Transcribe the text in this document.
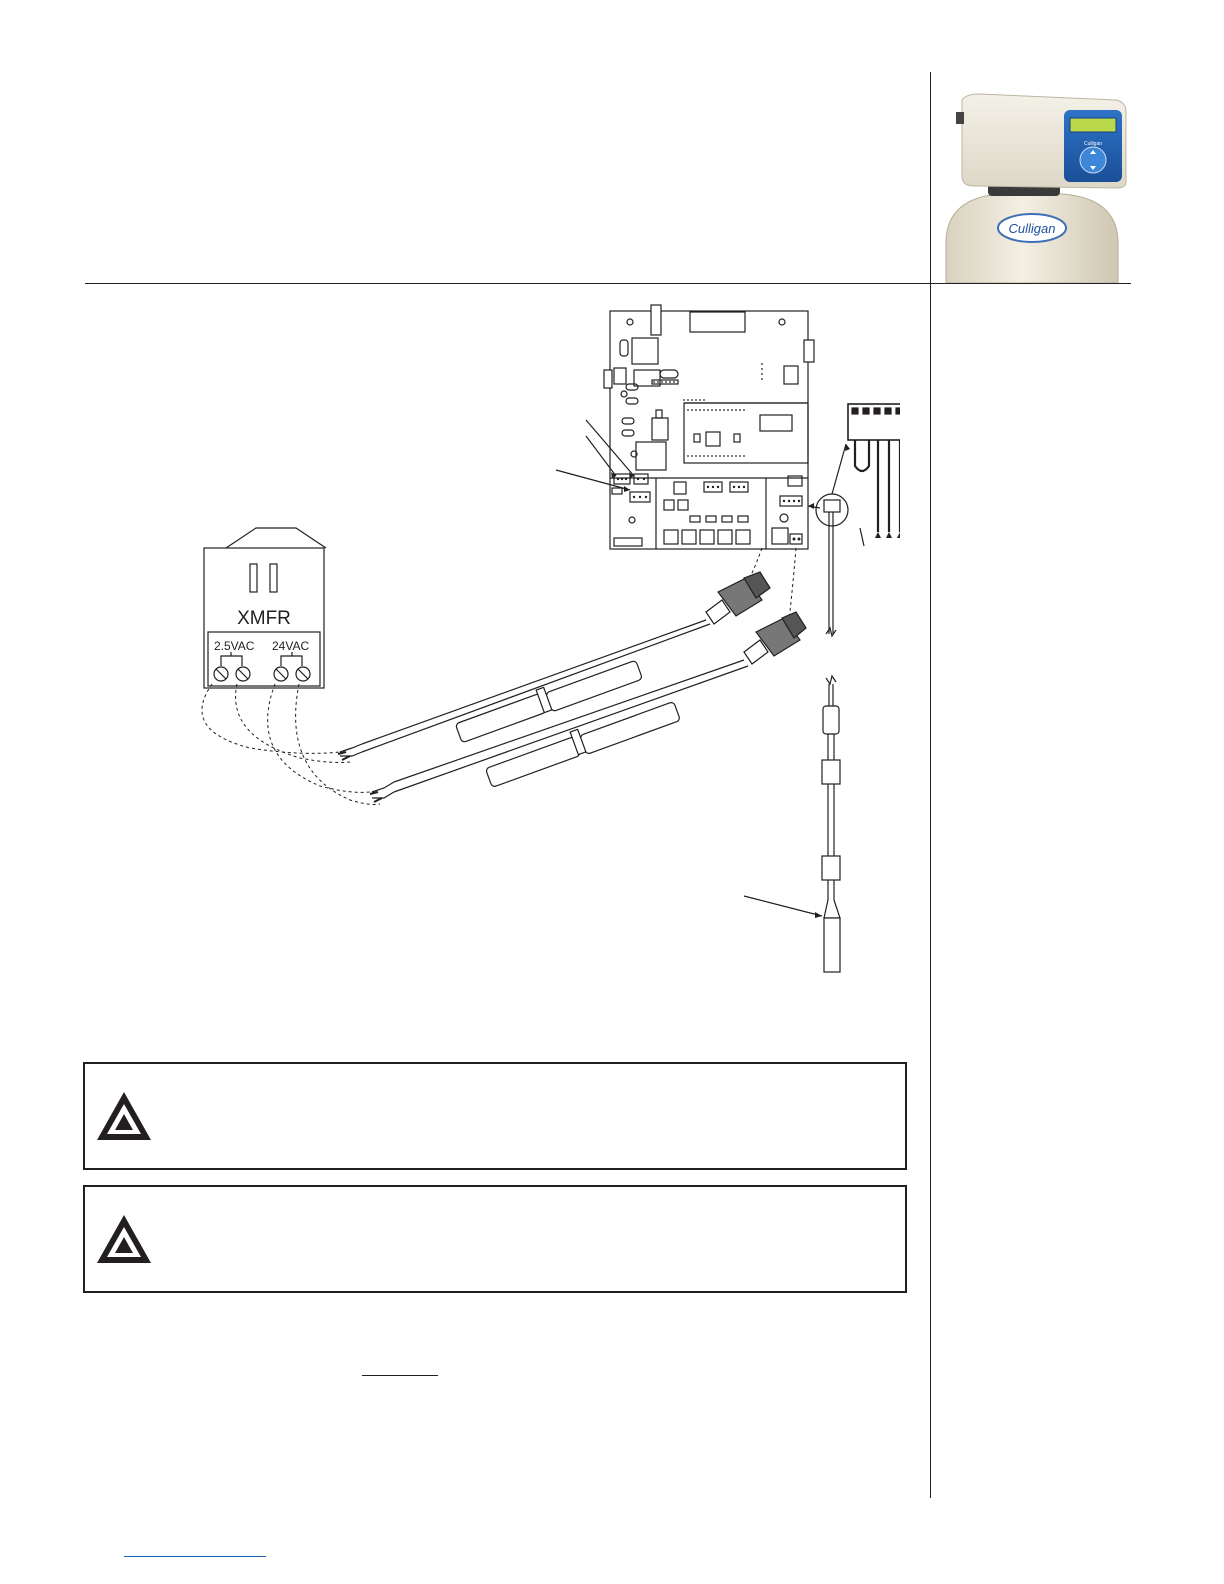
Culligan
Culligan
XMFR
2.5VAC 24VAC
